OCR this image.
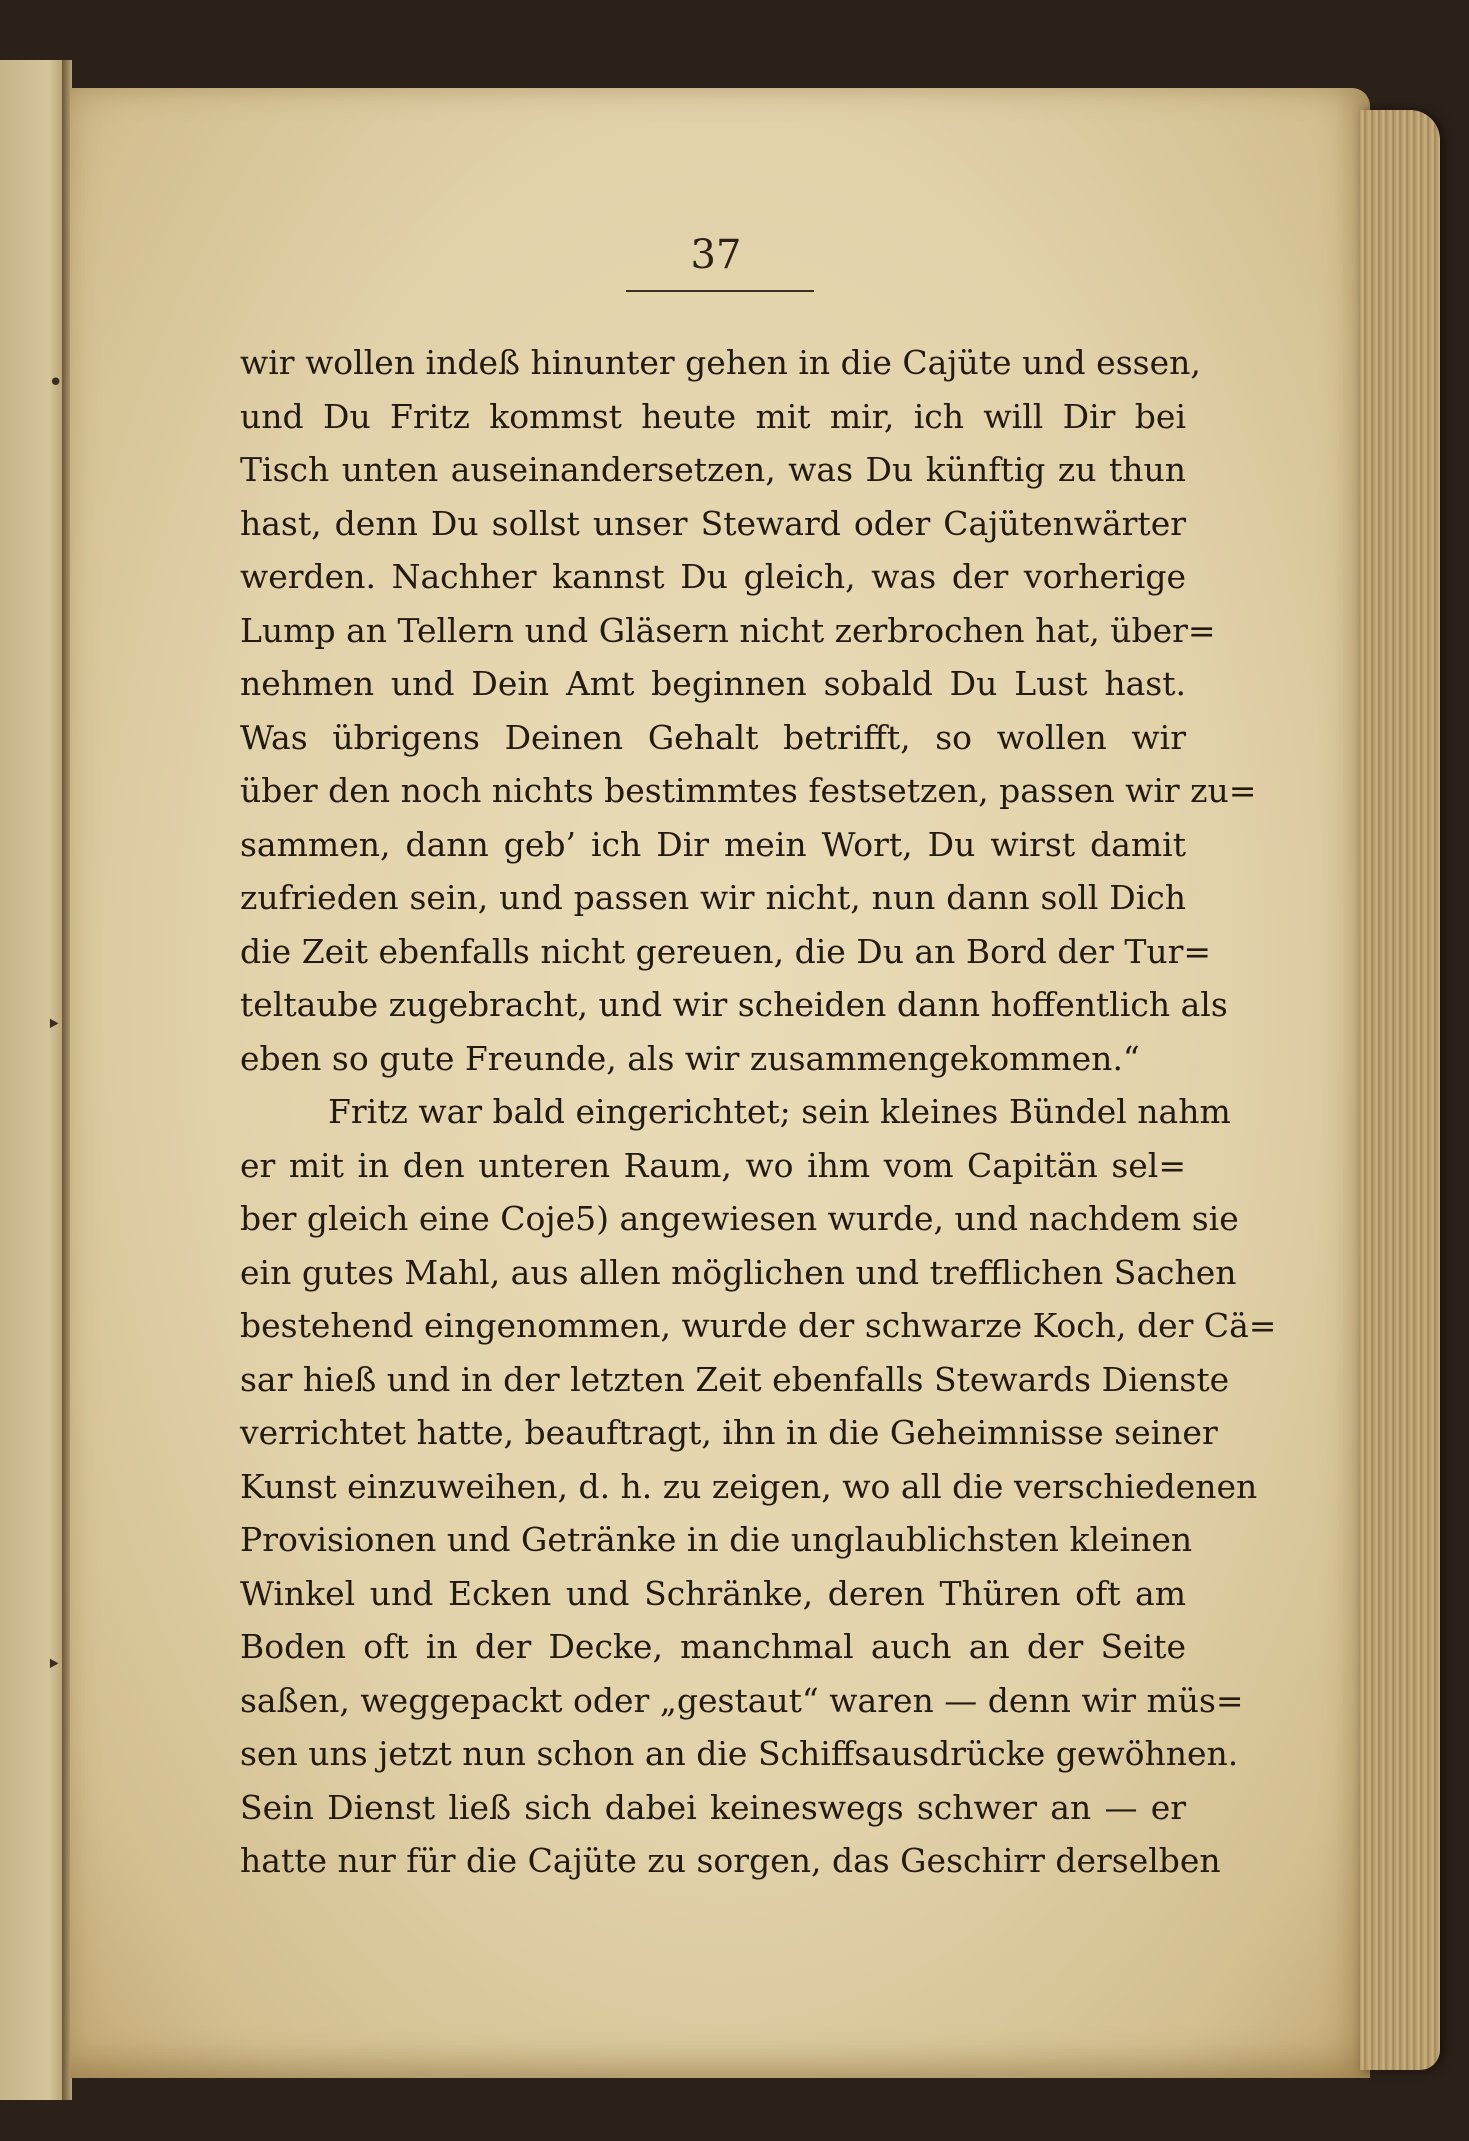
37
•
‣
‣
wir wollen indeß hinunter gehen in die Cajüte und essen,
und Du Fritz kommst heute mit mir, ich will Dir bei
Tisch unten auseinandersetzen, was Du künftig zu thun
hast, denn Du sollst unser Steward oder Cajütenwärter
werden. Nachher kannst Du gleich, was der vorherige
Lump an Tellern und Gläsern nicht zerbrochen hat, über=
nehmen und Dein Amt beginnen sobald Du Lust hast.
Was übrigens Deinen Gehalt betrifft, so wollen wir
über den noch nichts bestimmtes festsetzen, passen wir zu=
sammen, dann geb’ ich Dir mein Wort, Du wirst damit
zufrieden sein, und passen wir nicht, nun dann soll Dich
die Zeit ebenfalls nicht gereuen, die Du an Bord der Tur=
teltaube zugebracht, und wir scheiden dann hoffentlich als
eben so gute Freunde, als wir zusammengekommen.“
Fritz war bald eingerichtet; sein kleines Bündel nahm
er mit in den unteren Raum, wo ihm vom Capitän sel=
ber gleich eine Coje5) angewiesen wurde, und nachdem sie
ein gutes Mahl, aus allen möglichen und trefflichen Sachen
bestehend eingenommen, wurde der schwarze Koch, der Cä=
sar hieß und in der letzten Zeit ebenfalls Stewards Dienste
verrichtet hatte, beauftragt, ihn in die Geheimnisse seiner
Kunst einzuweihen, d. h. zu zeigen, wo all die verschiedenen
Provisionen und Getränke in die unglaublichsten kleinen
Winkel und Ecken und Schränke, deren Thüren oft am
Boden oft in der Decke, manchmal auch an der Seite
saßen, weggepackt oder „gestaut“ waren — denn wir müs=
sen uns jetzt nun schon an die Schiffsausdrücke gewöhnen.
Sein Dienst ließ sich dabei keineswegs schwer an — er
hatte nur für die Cajüte zu sorgen, das Geschirr derselben
